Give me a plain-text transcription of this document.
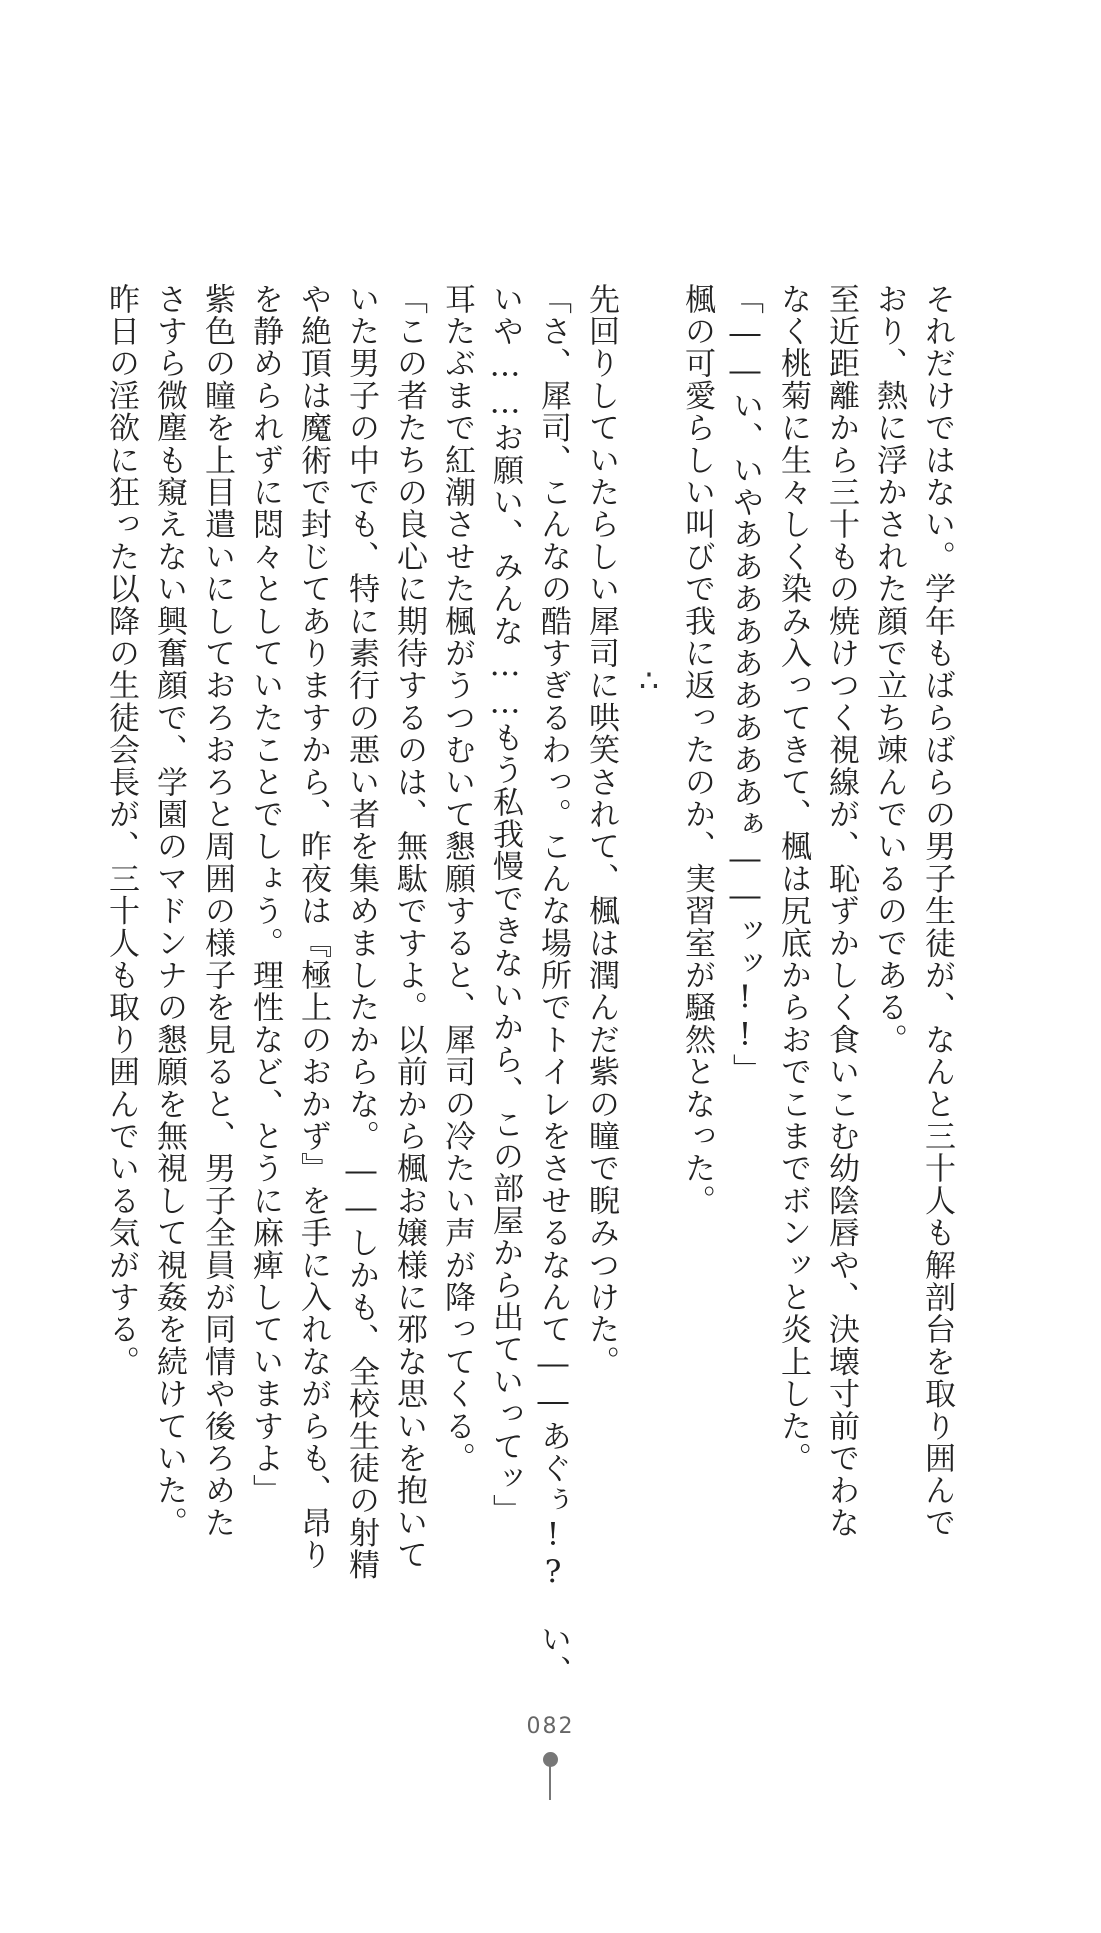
それだけではない。学年もばらばらの男子生徒が、なんと三十人も解剖台を取り囲んで
おり、熱に浮かされた顔で立ち竦んでいるのである。
至近距離から三十もの焼けつく視線が、恥ずかしく食いこむ幼陰唇や、決壊寸前でわな
なく桃菊に生々しく染み入ってきて、楓は尻底からおでこまでボンッと炎上した。
「――い、いやあああああああああぁ――ッッ!!」
楓の可愛らしい叫びで我に返ったのか、実習室が騒然となった。
∴
先回りしていたらしい犀司に哄笑されて、楓は潤んだ紫の瞳で睨みつけた。
「さ、犀司、こんなの酷すぎるわっ。こんな場所でトイレをさせるなんて――あぐぅ!?　い、
いや……お願い、みんな……もう私我慢できないから、この部屋から出ていってッ」
耳たぶまで紅潮させた楓がうつむいて懇願すると、犀司の冷たい声が降ってくる。
「この者たちの良心に期待するのは、無駄ですよ。以前から楓お嬢様に邪な思いを抱いて
いた男子の中でも、特に素行の悪い者を集めましたからな。――しかも、全校生徒の射精
や絶頂は魔術で封じてありますから、昨夜は『極上のおかず』を手に入れながらも、昂り
を静められずに悶々としていたことでしょう。理性など、とうに麻痺していますよ」
紫色の瞳を上目遣いにしておろおろと周囲の様子を見ると、男子全員が同情や後ろめた
さすら微塵も窺えない興奮顔で、学園のマドンナの懇願を無視して視姦を続けていた。
昨日の淫欲に狂った以降の生徒会長が、三十人も取り囲んでいる気がする。
082
